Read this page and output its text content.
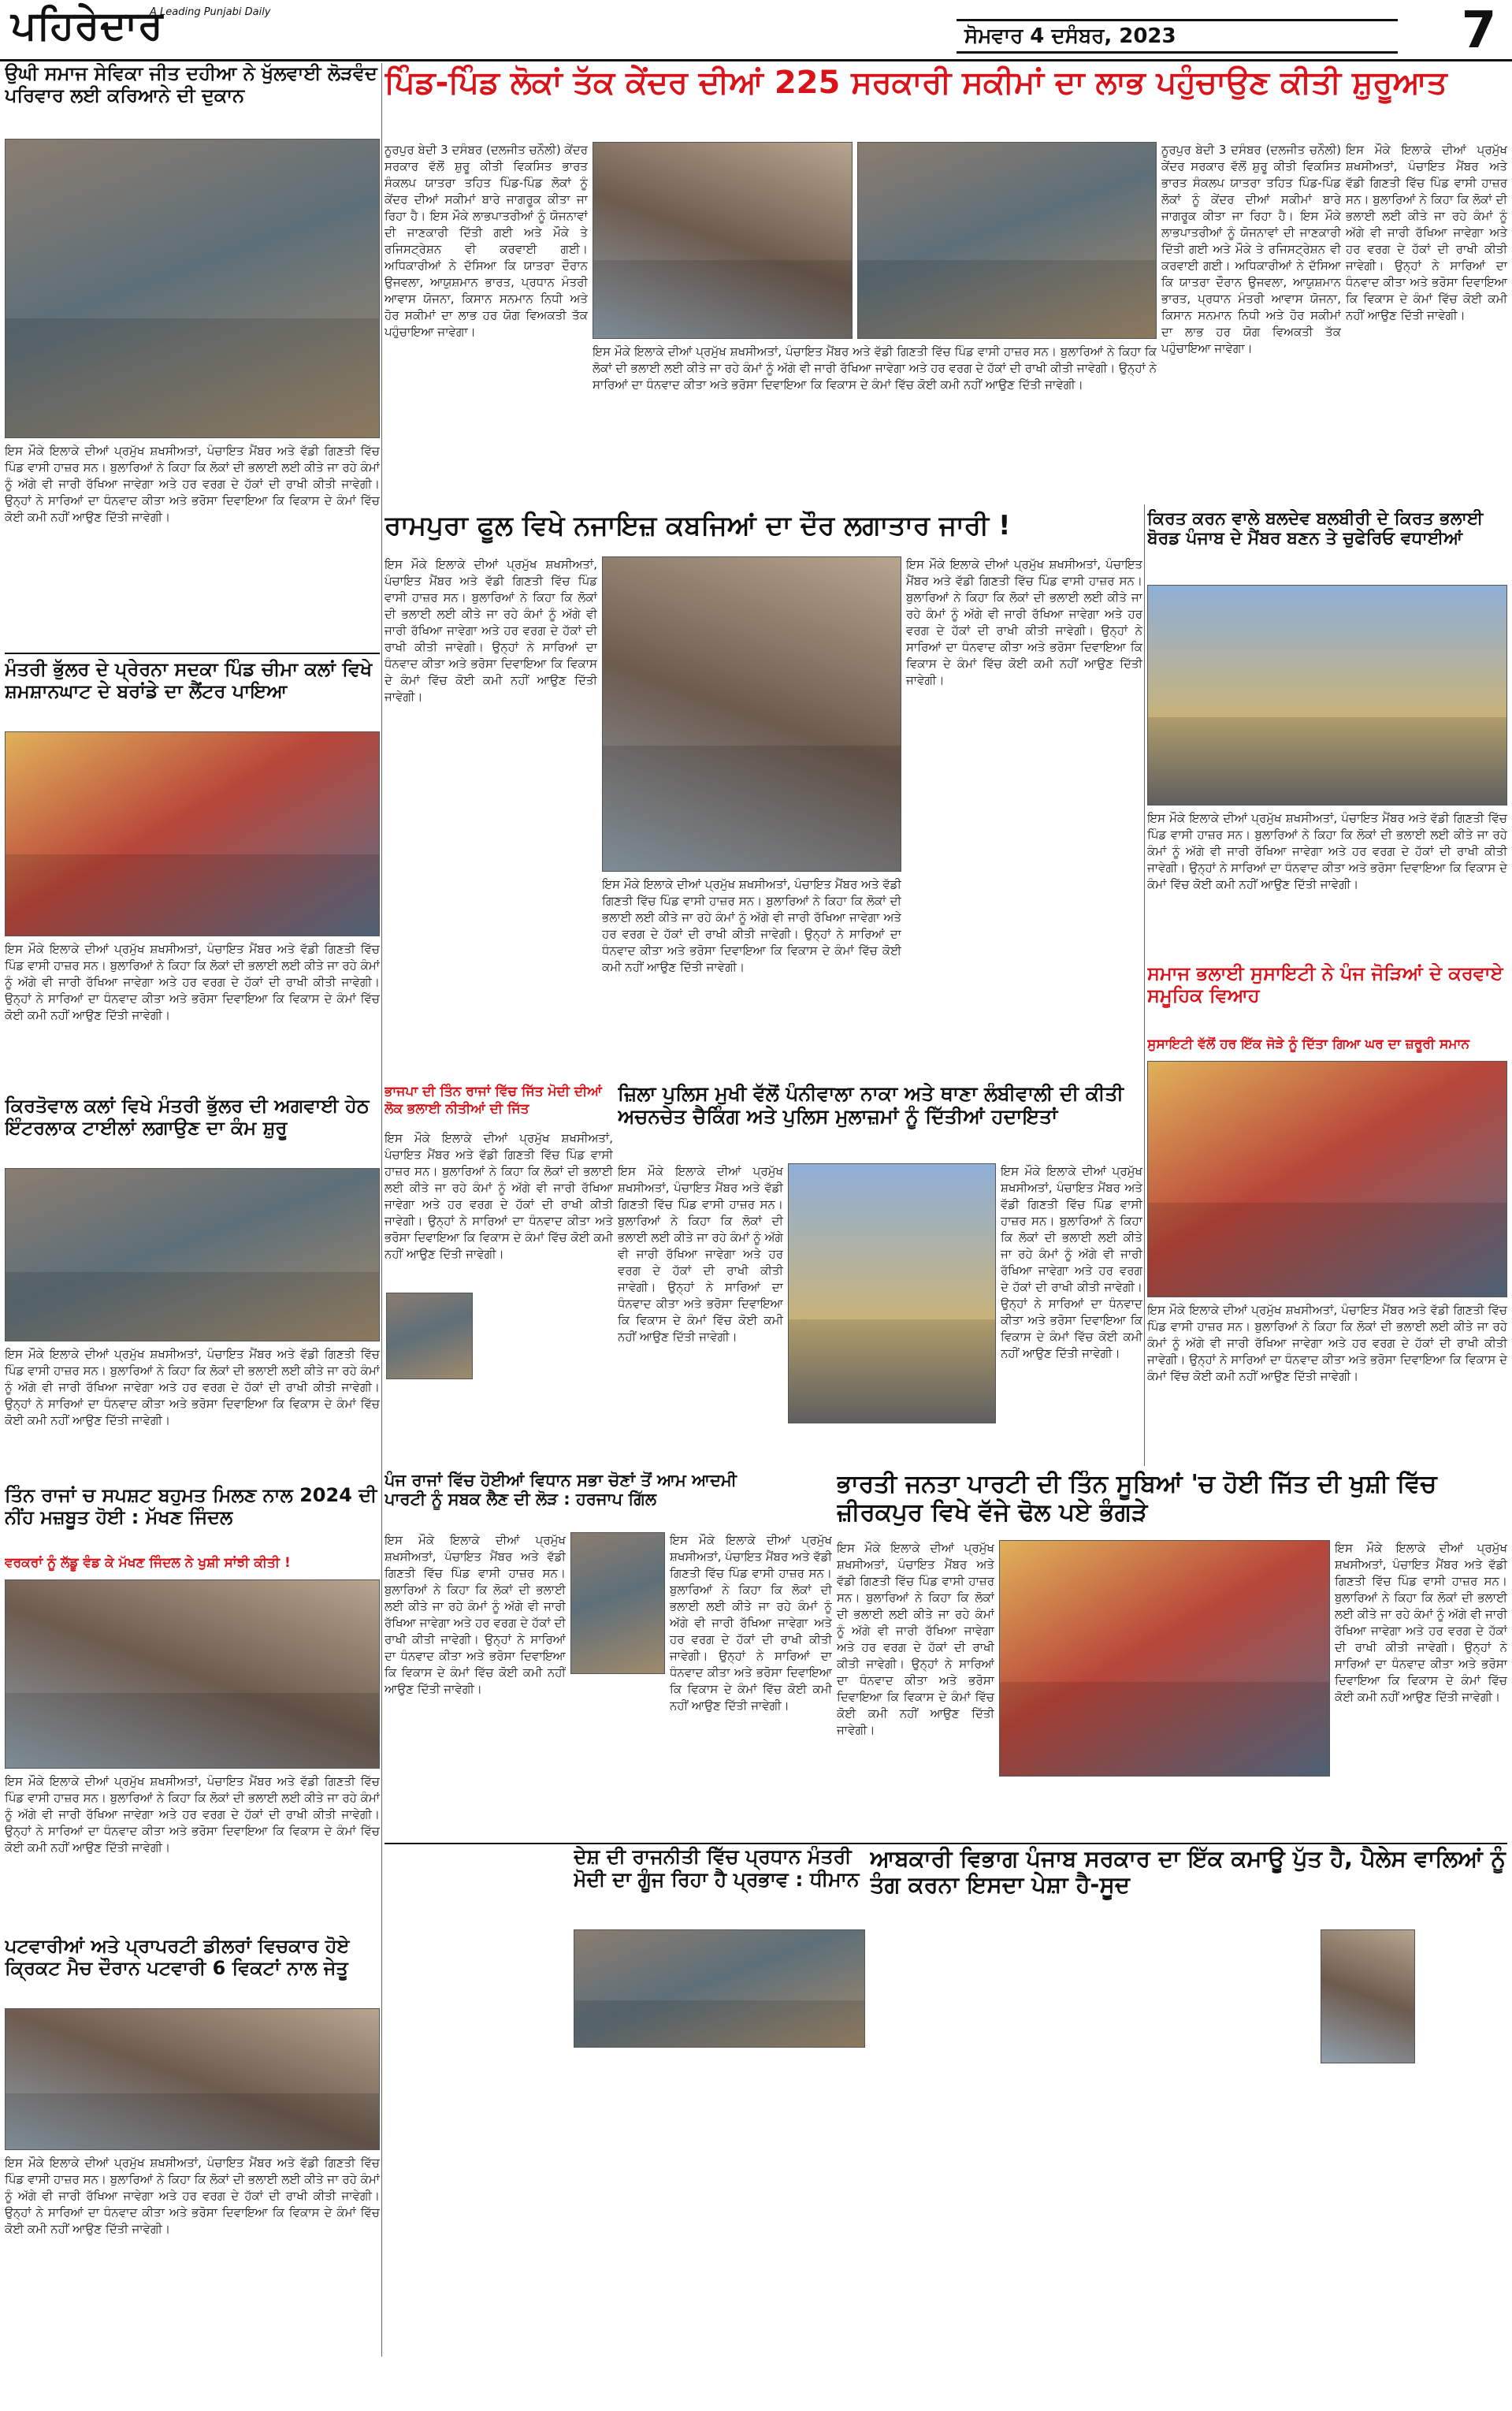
ਪਹਿਰੇਦਾਰ
A Leading Punjabi Daily
ਸੋਮਵਾਰ 4 ਦਸੰਬਰ, 2023	7
ਪਿੰਡ-ਪਿੰਡ ਲੋਕਾਂ ਤੱਕ ਕੇਂਦਰ ਦੀਆਂ 225 ਸਰਕਾਰੀ ਸਕੀਮਾਂ ਦਾ ਲਾਭ ਪਹੁੰਚਾਉਣ ਕੀਤੀ ਸ਼ੁਰੂਆਤ
ਉਘੀ ਸਮਾਜ ਸੇਵਿਕਾ ਜੀਤ ਦਹੀਆ ਨੇ ਖੁੱਲਵਾਈ ਲੋੜਵੰਦ ਪਰਿਵਾਰ ਲਈ ਕਰਿਆਨੇ ਦੀ ਦੁਕਾਨ
ਇਸ ਮੌਕੇ ਇਲਾਕੇ ਦੀਆਂ ਪ੍ਰਮੁੱਖ ਸ਼ਖਸੀਅਤਾਂ, ਪੰਚਾਇਤ ਮੈਂਬਰ ਅਤੇ ਵੱਡੀ ਗਿਣਤੀ ਵਿੱਚ ਪਿੰਡ ਵਾਸੀ ਹਾਜ਼ਰ ਸਨ। ਬੁਲਾਰਿਆਂ ਨੇ ਕਿਹਾ ਕਿ ਲੋਕਾਂ ਦੀ ਭਲਾਈ ਲਈ ਕੀਤੇ ਜਾ ਰਹੇ ਕੰਮਾਂ ਨੂੰ ਅੱਗੇ ਵੀ ਜਾਰੀ ਰੱਖਿਆ ਜਾਵੇਗਾ ਅਤੇ ਹਰ ਵਰਗ ਦੇ ਹੱਕਾਂ ਦੀ ਰਾਖੀ ਕੀਤੀ ਜਾਵੇਗੀ। ਉਨ੍ਹਾਂ ਨੇ ਸਾਰਿਆਂ ਦਾ ਧੰਨਵਾਦ ਕੀਤਾ ਅਤੇ ਭਰੋਸਾ ਦਿਵਾਇਆ ਕਿ ਵਿਕਾਸ ਦੇ ਕੰਮਾਂ ਵਿੱਚ ਕੋਈ ਕਮੀ ਨਹੀਂ ਆਉਣ ਦਿੱਤੀ ਜਾਵੇਗੀ।
ਨੂਰਪੁਰ ਬੇਦੀ 3 ਦਸੰਬਰ (ਦਲਜੀਤ ਚਨੌਲੀ) ਕੇਂਦਰ ਸਰਕਾਰ ਵੱਲੋਂ ਸ਼ੁਰੂ ਕੀਤੀ ਵਿਕਸਿਤ ਭਾਰਤ ਸੰਕਲਪ ਯਾਤਰਾ ਤਹਿਤ ਪਿੰਡ-ਪਿੰਡ ਲੋਕਾਂ ਨੂੰ ਕੇਂਦਰ ਦੀਆਂ ਸਕੀਮਾਂ ਬਾਰੇ ਜਾਗਰੂਕ ਕੀਤਾ ਜਾ ਰਿਹਾ ਹੈ। ਇਸ ਮੌਕੇ ਲਾਭਪਾਤਰੀਆਂ ਨੂੰ ਯੋਜਨਾਵਾਂ ਦੀ ਜਾਣਕਾਰੀ ਦਿੱਤੀ ਗਈ ਅਤੇ ਮੌਕੇ ਤੇ ਰਜਿਸਟ੍ਰੇਸ਼ਨ ਵੀ ਕਰਵਾਈ ਗਈ। ਅਧਿਕਾਰੀਆਂ ਨੇ ਦੱਸਿਆ ਕਿ ਯਾਤਰਾ ਦੌਰਾਨ ਉਜਵਲਾ, ਆਯੁਸ਼ਮਾਨ ਭਾਰਤ, ਪ੍ਰਧਾਨ ਮੰਤਰੀ ਆਵਾਸ ਯੋਜਨਾ, ਕਿਸਾਨ ਸਨਮਾਨ ਨਿਧੀ ਅਤੇ ਹੋਰ ਸਕੀਮਾਂ ਦਾ ਲਾਭ ਹਰ ਯੋਗ ਵਿਅਕਤੀ ਤੱਕ ਪਹੁੰਚਾਇਆ ਜਾਵੇਗਾ।
ਇਸ ਮੌਕੇ ਇਲਾਕੇ ਦੀਆਂ ਪ੍ਰਮੁੱਖ ਸ਼ਖਸੀਅਤਾਂ, ਪੰਚਾਇਤ ਮੈਂਬਰ ਅਤੇ ਵੱਡੀ ਗਿਣਤੀ ਵਿੱਚ ਪਿੰਡ ਵਾਸੀ ਹਾਜ਼ਰ ਸਨ। ਬੁਲਾਰਿਆਂ ਨੇ ਕਿਹਾ ਕਿ ਲੋਕਾਂ ਦੀ ਭਲਾਈ ਲਈ ਕੀਤੇ ਜਾ ਰਹੇ ਕੰਮਾਂ ਨੂੰ ਅੱਗੇ ਵੀ ਜਾਰੀ ਰੱਖਿਆ ਜਾਵੇਗਾ ਅਤੇ ਹਰ ਵਰਗ ਦੇ ਹੱਕਾਂ ਦੀ ਰਾਖੀ ਕੀਤੀ ਜਾਵੇਗੀ। ਉਨ੍ਹਾਂ ਨੇ ਸਾਰਿਆਂ ਦਾ ਧੰਨਵਾਦ ਕੀਤਾ ਅਤੇ ਭਰੋਸਾ ਦਿਵਾਇਆ ਕਿ ਵਿਕਾਸ ਦੇ ਕੰਮਾਂ ਵਿੱਚ ਕੋਈ ਕਮੀ ਨਹੀਂ ਆਉਣ ਦਿੱਤੀ ਜਾਵੇਗੀ।
ਨੂਰਪੁਰ ਬੇਦੀ 3 ਦਸੰਬਰ (ਦਲਜੀਤ ਚਨੌਲੀ) ਕੇਂਦਰ ਸਰਕਾਰ ਵੱਲੋਂ ਸ਼ੁਰੂ ਕੀਤੀ ਵਿਕਸਿਤ ਭਾਰਤ ਸੰਕਲਪ ਯਾਤਰਾ ਤਹਿਤ ਪਿੰਡ-ਪਿੰਡ ਲੋਕਾਂ ਨੂੰ ਕੇਂਦਰ ਦੀਆਂ ਸਕੀਮਾਂ ਬਾਰੇ ਜਾਗਰੂਕ ਕੀਤਾ ਜਾ ਰਿਹਾ ਹੈ। ਇਸ ਮੌਕੇ ਲਾਭਪਾਤਰੀਆਂ ਨੂੰ ਯੋਜਨਾਵਾਂ ਦੀ ਜਾਣਕਾਰੀ ਦਿੱਤੀ ਗਈ ਅਤੇ ਮੌਕੇ ਤੇ ਰਜਿਸਟ੍ਰੇਸ਼ਨ ਵੀ ਕਰਵਾਈ ਗਈ। ਅਧਿਕਾਰੀਆਂ ਨੇ ਦੱਸਿਆ ਕਿ ਯਾਤਰਾ ਦੌਰਾਨ ਉਜਵਲਾ, ਆਯੁਸ਼ਮਾਨ ਭਾਰਤ, ਪ੍ਰਧਾਨ ਮੰਤਰੀ ਆਵਾਸ ਯੋਜਨਾ, ਕਿਸਾਨ ਸਨਮਾਨ ਨਿਧੀ ਅਤੇ ਹੋਰ ਸਕੀਮਾਂ ਦਾ ਲਾਭ ਹਰ ਯੋਗ ਵਿਅਕਤੀ ਤੱਕ ਪਹੁੰਚਾਇਆ ਜਾਵੇਗਾ।
ਇਸ ਮੌਕੇ ਇਲਾਕੇ ਦੀਆਂ ਪ੍ਰਮੁੱਖ ਸ਼ਖਸੀਅਤਾਂ, ਪੰਚਾਇਤ ਮੈਂਬਰ ਅਤੇ ਵੱਡੀ ਗਿਣਤੀ ਵਿੱਚ ਪਿੰਡ ਵਾਸੀ ਹਾਜ਼ਰ ਸਨ। ਬੁਲਾਰਿਆਂ ਨੇ ਕਿਹਾ ਕਿ ਲੋਕਾਂ ਦੀ ਭਲਾਈ ਲਈ ਕੀਤੇ ਜਾ ਰਹੇ ਕੰਮਾਂ ਨੂੰ ਅੱਗੇ ਵੀ ਜਾਰੀ ਰੱਖਿਆ ਜਾਵੇਗਾ ਅਤੇ ਹਰ ਵਰਗ ਦੇ ਹੱਕਾਂ ਦੀ ਰਾਖੀ ਕੀਤੀ ਜਾਵੇਗੀ। ਉਨ੍ਹਾਂ ਨੇ ਸਾਰਿਆਂ ਦਾ ਧੰਨਵਾਦ ਕੀਤਾ ਅਤੇ ਭਰੋਸਾ ਦਿਵਾਇਆ ਕਿ ਵਿਕਾਸ ਦੇ ਕੰਮਾਂ ਵਿੱਚ ਕੋਈ ਕਮੀ ਨਹੀਂ ਆਉਣ ਦਿੱਤੀ ਜਾਵੇਗੀ।
ਮੰਤਰੀ ਭੁੱਲਰ ਦੇ ਪ੍ਰੇਰਨਾ ਸਦਕਾ ਪਿੰਡ ਚੀਮਾ ਕਲਾਂ ਵਿਖੇ ਸ਼ਮਸ਼ਾਨਘਾਟ ਦੇ ਬਰਾਂਡੇ ਦਾ ਲੈਂਟਰ ਪਾਇਆ
ਇਸ ਮੌਕੇ ਇਲਾਕੇ ਦੀਆਂ ਪ੍ਰਮੁੱਖ ਸ਼ਖਸੀਅਤਾਂ, ਪੰਚਾਇਤ ਮੈਂਬਰ ਅਤੇ ਵੱਡੀ ਗਿਣਤੀ ਵਿੱਚ ਪਿੰਡ ਵਾਸੀ ਹਾਜ਼ਰ ਸਨ। ਬੁਲਾਰਿਆਂ ਨੇ ਕਿਹਾ ਕਿ ਲੋਕਾਂ ਦੀ ਭਲਾਈ ਲਈ ਕੀਤੇ ਜਾ ਰਹੇ ਕੰਮਾਂ ਨੂੰ ਅੱਗੇ ਵੀ ਜਾਰੀ ਰੱਖਿਆ ਜਾਵੇਗਾ ਅਤੇ ਹਰ ਵਰਗ ਦੇ ਹੱਕਾਂ ਦੀ ਰਾਖੀ ਕੀਤੀ ਜਾਵੇਗੀ। ਉਨ੍ਹਾਂ ਨੇ ਸਾਰਿਆਂ ਦਾ ਧੰਨਵਾਦ ਕੀਤਾ ਅਤੇ ਭਰੋਸਾ ਦਿਵਾਇਆ ਕਿ ਵਿਕਾਸ ਦੇ ਕੰਮਾਂ ਵਿੱਚ ਕੋਈ ਕਮੀ ਨਹੀਂ ਆਉਣ ਦਿੱਤੀ ਜਾਵੇਗੀ।
ਰਾਮਪੁਰਾ ਫੂਲ ਵਿਖੇ ਨਜਾਇਜ਼ ਕਬਜਿਆਂ ਦਾ ਦੌਰ ਲਗਾਤਾਰ ਜਾਰੀ !
ਇਸ ਮੌਕੇ ਇਲਾਕੇ ਦੀਆਂ ਪ੍ਰਮੁੱਖ ਸ਼ਖਸੀਅਤਾਂ, ਪੰਚਾਇਤ ਮੈਂਬਰ ਅਤੇ ਵੱਡੀ ਗਿਣਤੀ ਵਿੱਚ ਪਿੰਡ ਵਾਸੀ ਹਾਜ਼ਰ ਸਨ। ਬੁਲਾਰਿਆਂ ਨੇ ਕਿਹਾ ਕਿ ਲੋਕਾਂ ਦੀ ਭਲਾਈ ਲਈ ਕੀਤੇ ਜਾ ਰਹੇ ਕੰਮਾਂ ਨੂੰ ਅੱਗੇ ਵੀ ਜਾਰੀ ਰੱਖਿਆ ਜਾਵੇਗਾ ਅਤੇ ਹਰ ਵਰਗ ਦੇ ਹੱਕਾਂ ਦੀ ਰਾਖੀ ਕੀਤੀ ਜਾਵੇਗੀ। ਉਨ੍ਹਾਂ ਨੇ ਸਾਰਿਆਂ ਦਾ ਧੰਨਵਾਦ ਕੀਤਾ ਅਤੇ ਭਰੋਸਾ ਦਿਵਾਇਆ ਕਿ ਵਿਕਾਸ ਦੇ ਕੰਮਾਂ ਵਿੱਚ ਕੋਈ ਕਮੀ ਨਹੀਂ ਆਉਣ ਦਿੱਤੀ ਜਾਵੇਗੀ।
ਇਸ ਮੌਕੇ ਇਲਾਕੇ ਦੀਆਂ ਪ੍ਰਮੁੱਖ ਸ਼ਖਸੀਅਤਾਂ, ਪੰਚਾਇਤ ਮੈਂਬਰ ਅਤੇ ਵੱਡੀ ਗਿਣਤੀ ਵਿੱਚ ਪਿੰਡ ਵਾਸੀ ਹਾਜ਼ਰ ਸਨ। ਬੁਲਾਰਿਆਂ ਨੇ ਕਿਹਾ ਕਿ ਲੋਕਾਂ ਦੀ ਭਲਾਈ ਲਈ ਕੀਤੇ ਜਾ ਰਹੇ ਕੰਮਾਂ ਨੂੰ ਅੱਗੇ ਵੀ ਜਾਰੀ ਰੱਖਿਆ ਜਾਵੇਗਾ ਅਤੇ ਹਰ ਵਰਗ ਦੇ ਹੱਕਾਂ ਦੀ ਰਾਖੀ ਕੀਤੀ ਜਾਵੇਗੀ। ਉਨ੍ਹਾਂ ਨੇ ਸਾਰਿਆਂ ਦਾ ਧੰਨਵਾਦ ਕੀਤਾ ਅਤੇ ਭਰੋਸਾ ਦਿਵਾਇਆ ਕਿ ਵਿਕਾਸ ਦੇ ਕੰਮਾਂ ਵਿੱਚ ਕੋਈ ਕਮੀ ਨਹੀਂ ਆਉਣ ਦਿੱਤੀ ਜਾਵੇਗੀ।
ਇਸ ਮੌਕੇ ਇਲਾਕੇ ਦੀਆਂ ਪ੍ਰਮੁੱਖ ਸ਼ਖਸੀਅਤਾਂ, ਪੰਚਾਇਤ ਮੈਂਬਰ ਅਤੇ ਵੱਡੀ ਗਿਣਤੀ ਵਿੱਚ ਪਿੰਡ ਵਾਸੀ ਹਾਜ਼ਰ ਸਨ। ਬੁਲਾਰਿਆਂ ਨੇ ਕਿਹਾ ਕਿ ਲੋਕਾਂ ਦੀ ਭਲਾਈ ਲਈ ਕੀਤੇ ਜਾ ਰਹੇ ਕੰਮਾਂ ਨੂੰ ਅੱਗੇ ਵੀ ਜਾਰੀ ਰੱਖਿਆ ਜਾਵੇਗਾ ਅਤੇ ਹਰ ਵਰਗ ਦੇ ਹੱਕਾਂ ਦੀ ਰਾਖੀ ਕੀਤੀ ਜਾਵੇਗੀ। ਉਨ੍ਹਾਂ ਨੇ ਸਾਰਿਆਂ ਦਾ ਧੰਨਵਾਦ ਕੀਤਾ ਅਤੇ ਭਰੋਸਾ ਦਿਵਾਇਆ ਕਿ ਵਿਕਾਸ ਦੇ ਕੰਮਾਂ ਵਿੱਚ ਕੋਈ ਕਮੀ ਨਹੀਂ ਆਉਣ ਦਿੱਤੀ ਜਾਵੇਗੀ।
ਕਿਰਤ ਕਰਨ ਵਾਲੇ ਬਲਦੇਵ ਬਲਬੀਰੀ ਦੇ ਕਿਰਤ ਭਲਾਈ ਬੋਰਡ ਪੰਜਾਬ ਦੇ ਮੈਂਬਰ ਬਣਨ ਤੇ ਚੁਫੇਰਿਓ ਵਧਾਈਆਂ
ਇਸ ਮੌਕੇ ਇਲਾਕੇ ਦੀਆਂ ਪ੍ਰਮੁੱਖ ਸ਼ਖਸੀਅਤਾਂ, ਪੰਚਾਇਤ ਮੈਂਬਰ ਅਤੇ ਵੱਡੀ ਗਿਣਤੀ ਵਿੱਚ ਪਿੰਡ ਵਾਸੀ ਹਾਜ਼ਰ ਸਨ। ਬੁਲਾਰਿਆਂ ਨੇ ਕਿਹਾ ਕਿ ਲੋਕਾਂ ਦੀ ਭਲਾਈ ਲਈ ਕੀਤੇ ਜਾ ਰਹੇ ਕੰਮਾਂ ਨੂੰ ਅੱਗੇ ਵੀ ਜਾਰੀ ਰੱਖਿਆ ਜਾਵੇਗਾ ਅਤੇ ਹਰ ਵਰਗ ਦੇ ਹੱਕਾਂ ਦੀ ਰਾਖੀ ਕੀਤੀ ਜਾਵੇਗੀ। ਉਨ੍ਹਾਂ ਨੇ ਸਾਰਿਆਂ ਦਾ ਧੰਨਵਾਦ ਕੀਤਾ ਅਤੇ ਭਰੋਸਾ ਦਿਵਾਇਆ ਕਿ ਵਿਕਾਸ ਦੇ ਕੰਮਾਂ ਵਿੱਚ ਕੋਈ ਕਮੀ ਨਹੀਂ ਆਉਣ ਦਿੱਤੀ ਜਾਵੇਗੀ।
ਸਮਾਜ ਭਲਾਈ ਸੁਸਾਇਟੀ ਨੇ ਪੰਜ ਜੋੜਿਆਂ ਦੇ ਕਰਵਾਏ ਸਮੂਹਿਕ ਵਿਆਹ
ਸੁਸਾਇਟੀ ਵੱਲੋਂ ਹਰ ਇੱਕ ਜੋੜੇ ਨੂੰ ਦਿੱਤਾ ਗਿਆ ਘਰ ਦਾ ਜ਼ਰੂਰੀ ਸਮਾਨ
ਇਸ ਮੌਕੇ ਇਲਾਕੇ ਦੀਆਂ ਪ੍ਰਮੁੱਖ ਸ਼ਖਸੀਅਤਾਂ, ਪੰਚਾਇਤ ਮੈਂਬਰ ਅਤੇ ਵੱਡੀ ਗਿਣਤੀ ਵਿੱਚ ਪਿੰਡ ਵਾਸੀ ਹਾਜ਼ਰ ਸਨ। ਬੁਲਾਰਿਆਂ ਨੇ ਕਿਹਾ ਕਿ ਲੋਕਾਂ ਦੀ ਭਲਾਈ ਲਈ ਕੀਤੇ ਜਾ ਰਹੇ ਕੰਮਾਂ ਨੂੰ ਅੱਗੇ ਵੀ ਜਾਰੀ ਰੱਖਿਆ ਜਾਵੇਗਾ ਅਤੇ ਹਰ ਵਰਗ ਦੇ ਹੱਕਾਂ ਦੀ ਰਾਖੀ ਕੀਤੀ ਜਾਵੇਗੀ। ਉਨ੍ਹਾਂ ਨੇ ਸਾਰਿਆਂ ਦਾ ਧੰਨਵਾਦ ਕੀਤਾ ਅਤੇ ਭਰੋਸਾ ਦਿਵਾਇਆ ਕਿ ਵਿਕਾਸ ਦੇ ਕੰਮਾਂ ਵਿੱਚ ਕੋਈ ਕਮੀ ਨਹੀਂ ਆਉਣ ਦਿੱਤੀ ਜਾਵੇਗੀ।
ਕਿਰਤੋਵਾਲ ਕਲਾਂ ਵਿਖੇ ਮੰਤਰੀ ਭੁੱਲਰ ਦੀ ਅਗਵਾਈ ਹੇਠ ਇੰਟਰਲਾਕ ਟਾਈਲਾਂ ਲਗਾਉਣ ਦਾ ਕੰਮ ਸ਼ੁਰੂ
ਇਸ ਮੌਕੇ ਇਲਾਕੇ ਦੀਆਂ ਪ੍ਰਮੁੱਖ ਸ਼ਖਸੀਅਤਾਂ, ਪੰਚਾਇਤ ਮੈਂਬਰ ਅਤੇ ਵੱਡੀ ਗਿਣਤੀ ਵਿੱਚ ਪਿੰਡ ਵਾਸੀ ਹਾਜ਼ਰ ਸਨ। ਬੁਲਾਰਿਆਂ ਨੇ ਕਿਹਾ ਕਿ ਲੋਕਾਂ ਦੀ ਭਲਾਈ ਲਈ ਕੀਤੇ ਜਾ ਰਹੇ ਕੰਮਾਂ ਨੂੰ ਅੱਗੇ ਵੀ ਜਾਰੀ ਰੱਖਿਆ ਜਾਵੇਗਾ ਅਤੇ ਹਰ ਵਰਗ ਦੇ ਹੱਕਾਂ ਦੀ ਰਾਖੀ ਕੀਤੀ ਜਾਵੇਗੀ। ਉਨ੍ਹਾਂ ਨੇ ਸਾਰਿਆਂ ਦਾ ਧੰਨਵਾਦ ਕੀਤਾ ਅਤੇ ਭਰੋਸਾ ਦਿਵਾਇਆ ਕਿ ਵਿਕਾਸ ਦੇ ਕੰਮਾਂ ਵਿੱਚ ਕੋਈ ਕਮੀ ਨਹੀਂ ਆਉਣ ਦਿੱਤੀ ਜਾਵੇਗੀ।
ਤਿੰਨ ਰਾਜਾਂ ਚ ਸਪਸ਼ਟ ਬਹੁਮਤ ਮਿਲਣ ਨਾਲ 2024 ਦੀ ਨੀਂਹ ਮਜ਼ਬੂਤ ਹੋਈ : ਮੱਖਣ ਜਿੰਦਲ
ਵਰਕਰਾਂ ਨੂੰ ਲੱਡੂ ਵੰਡ ਕੇ ਮੱਖਣ ਜਿੰਦਲ ਨੇ ਖੁਸ਼ੀ ਸਾਂਝੀ ਕੀਤੀ !
ਇਸ ਮੌਕੇ ਇਲਾਕੇ ਦੀਆਂ ਪ੍ਰਮੁੱਖ ਸ਼ਖਸੀਅਤਾਂ, ਪੰਚਾਇਤ ਮੈਂਬਰ ਅਤੇ ਵੱਡੀ ਗਿਣਤੀ ਵਿੱਚ ਪਿੰਡ ਵਾਸੀ ਹਾਜ਼ਰ ਸਨ। ਬੁਲਾਰਿਆਂ ਨੇ ਕਿਹਾ ਕਿ ਲੋਕਾਂ ਦੀ ਭਲਾਈ ਲਈ ਕੀਤੇ ਜਾ ਰਹੇ ਕੰਮਾਂ ਨੂੰ ਅੱਗੇ ਵੀ ਜਾਰੀ ਰੱਖਿਆ ਜਾਵੇਗਾ ਅਤੇ ਹਰ ਵਰਗ ਦੇ ਹੱਕਾਂ ਦੀ ਰਾਖੀ ਕੀਤੀ ਜਾਵੇਗੀ। ਉਨ੍ਹਾਂ ਨੇ ਸਾਰਿਆਂ ਦਾ ਧੰਨਵਾਦ ਕੀਤਾ ਅਤੇ ਭਰੋਸਾ ਦਿਵਾਇਆ ਕਿ ਵਿਕਾਸ ਦੇ ਕੰਮਾਂ ਵਿੱਚ ਕੋਈ ਕਮੀ ਨਹੀਂ ਆਉਣ ਦਿੱਤੀ ਜਾਵੇਗੀ।
ਭਾਜਪਾ ਦੀ ਤਿੰਨ ਰਾਜਾਂ ਵਿੱਚ ਜਿੱਤ ਮੋਦੀ ਦੀਆਂ ਲੋਕ ਭਲਾਈ ਨੀਤੀਆਂ ਦੀ ਜਿੱਤ
ਇਸ ਮੌਕੇ ਇਲਾਕੇ ਦੀਆਂ ਪ੍ਰਮੁੱਖ ਸ਼ਖਸੀਅਤਾਂ, ਪੰਚਾਇਤ ਮੈਂਬਰ ਅਤੇ ਵੱਡੀ ਗਿਣਤੀ ਵਿੱਚ ਪਿੰਡ ਵਾਸੀ ਹਾਜ਼ਰ ਸਨ। ਬੁਲਾਰਿਆਂ ਨੇ ਕਿਹਾ ਕਿ ਲੋਕਾਂ ਦੀ ਭਲਾਈ ਲਈ ਕੀਤੇ ਜਾ ਰਹੇ ਕੰਮਾਂ ਨੂੰ ਅੱਗੇ ਵੀ ਜਾਰੀ ਰੱਖਿਆ ਜਾਵੇਗਾ ਅਤੇ ਹਰ ਵਰਗ ਦੇ ਹੱਕਾਂ ਦੀ ਰਾਖੀ ਕੀਤੀ ਜਾਵੇਗੀ। ਉਨ੍ਹਾਂ ਨੇ ਸਾਰਿਆਂ ਦਾ ਧੰਨਵਾਦ ਕੀਤਾ ਅਤੇ ਭਰੋਸਾ ਦਿਵਾਇਆ ਕਿ ਵਿਕਾਸ ਦੇ ਕੰਮਾਂ ਵਿੱਚ ਕੋਈ ਕਮੀ ਨਹੀਂ ਆਉਣ ਦਿੱਤੀ ਜਾਵੇਗੀ।
ਜ਼ਿਲਾ ਪੁਲਿਸ ਮੁਖੀ ਵੱਲੋਂ ਪੰਨੀਵਾਲਾ ਨਾਕਾ ਅਤੇ ਥਾਣਾ ਲੰਬੀਵਾਲੀ ਦੀ ਕੀਤੀ ਅਚਨਚੇਤ ਚੈਕਿੰਗ ਅਤੇ ਪੁਲਿਸ ਮੁਲਾਜ਼ਮਾਂ ਨੂੰ ਦਿੱਤੀਆਂ ਹਦਾਇਤਾਂ
ਇਸ ਮੌਕੇ ਇਲਾਕੇ ਦੀਆਂ ਪ੍ਰਮੁੱਖ ਸ਼ਖਸੀਅਤਾਂ, ਪੰਚਾਇਤ ਮੈਂਬਰ ਅਤੇ ਵੱਡੀ ਗਿਣਤੀ ਵਿੱਚ ਪਿੰਡ ਵਾਸੀ ਹਾਜ਼ਰ ਸਨ। ਬੁਲਾਰਿਆਂ ਨੇ ਕਿਹਾ ਕਿ ਲੋਕਾਂ ਦੀ ਭਲਾਈ ਲਈ ਕੀਤੇ ਜਾ ਰਹੇ ਕੰਮਾਂ ਨੂੰ ਅੱਗੇ ਵੀ ਜਾਰੀ ਰੱਖਿਆ ਜਾਵੇਗਾ ਅਤੇ ਹਰ ਵਰਗ ਦੇ ਹੱਕਾਂ ਦੀ ਰਾਖੀ ਕੀਤੀ ਜਾਵੇਗੀ। ਉਨ੍ਹਾਂ ਨੇ ਸਾਰਿਆਂ ਦਾ ਧੰਨਵਾਦ ਕੀਤਾ ਅਤੇ ਭਰੋਸਾ ਦਿਵਾਇਆ ਕਿ ਵਿਕਾਸ ਦੇ ਕੰਮਾਂ ਵਿੱਚ ਕੋਈ ਕਮੀ ਨਹੀਂ ਆਉਣ ਦਿੱਤੀ ਜਾਵੇਗੀ।
ਇਸ ਮੌਕੇ ਇਲਾਕੇ ਦੀਆਂ ਪ੍ਰਮੁੱਖ ਸ਼ਖਸੀਅਤਾਂ, ਪੰਚਾਇਤ ਮੈਂਬਰ ਅਤੇ ਵੱਡੀ ਗਿਣਤੀ ਵਿੱਚ ਪਿੰਡ ਵਾਸੀ ਹਾਜ਼ਰ ਸਨ। ਬੁਲਾਰਿਆਂ ਨੇ ਕਿਹਾ ਕਿ ਲੋਕਾਂ ਦੀ ਭਲਾਈ ਲਈ ਕੀਤੇ ਜਾ ਰਹੇ ਕੰਮਾਂ ਨੂੰ ਅੱਗੇ ਵੀ ਜਾਰੀ ਰੱਖਿਆ ਜਾਵੇਗਾ ਅਤੇ ਹਰ ਵਰਗ ਦੇ ਹੱਕਾਂ ਦੀ ਰਾਖੀ ਕੀਤੀ ਜਾਵੇਗੀ। ਉਨ੍ਹਾਂ ਨੇ ਸਾਰਿਆਂ ਦਾ ਧੰਨਵਾਦ ਕੀਤਾ ਅਤੇ ਭਰੋਸਾ ਦਿਵਾਇਆ ਕਿ ਵਿਕਾਸ ਦੇ ਕੰਮਾਂ ਵਿੱਚ ਕੋਈ ਕਮੀ ਨਹੀਂ ਆਉਣ ਦਿੱਤੀ ਜਾਵੇਗੀ।
ਪੰਜ ਰਾਜਾਂ ਵਿੱਚ ਹੋਈਆਂ ਵਿਧਾਨ ਸਭਾ ਚੋਣਾਂ ਤੋਂ ਆਮ ਆਦਮੀ ਪਾਰਟੀ ਨੂੰ ਸਬਕ ਲੈਣ ਦੀ ਲੋੜ : ਹਰਜਾਪ ਗਿੱਲ
ਇਸ ਮੌਕੇ ਇਲਾਕੇ ਦੀਆਂ ਪ੍ਰਮੁੱਖ ਸ਼ਖਸੀਅਤਾਂ, ਪੰਚਾਇਤ ਮੈਂਬਰ ਅਤੇ ਵੱਡੀ ਗਿਣਤੀ ਵਿੱਚ ਪਿੰਡ ਵਾਸੀ ਹਾਜ਼ਰ ਸਨ। ਬੁਲਾਰਿਆਂ ਨੇ ਕਿਹਾ ਕਿ ਲੋਕਾਂ ਦੀ ਭਲਾਈ ਲਈ ਕੀਤੇ ਜਾ ਰਹੇ ਕੰਮਾਂ ਨੂੰ ਅੱਗੇ ਵੀ ਜਾਰੀ ਰੱਖਿਆ ਜਾਵੇਗਾ ਅਤੇ ਹਰ ਵਰਗ ਦੇ ਹੱਕਾਂ ਦੀ ਰਾਖੀ ਕੀਤੀ ਜਾਵੇਗੀ। ਉਨ੍ਹਾਂ ਨੇ ਸਾਰਿਆਂ ਦਾ ਧੰਨਵਾਦ ਕੀਤਾ ਅਤੇ ਭਰੋਸਾ ਦਿਵਾਇਆ ਕਿ ਵਿਕਾਸ ਦੇ ਕੰਮਾਂ ਵਿੱਚ ਕੋਈ ਕਮੀ ਨਹੀਂ ਆਉਣ ਦਿੱਤੀ ਜਾਵੇਗੀ।
ਇਸ ਮੌਕੇ ਇਲਾਕੇ ਦੀਆਂ ਪ੍ਰਮੁੱਖ ਸ਼ਖਸੀਅਤਾਂ, ਪੰਚਾਇਤ ਮੈਂਬਰ ਅਤੇ ਵੱਡੀ ਗਿਣਤੀ ਵਿੱਚ ਪਿੰਡ ਵਾਸੀ ਹਾਜ਼ਰ ਸਨ। ਬੁਲਾਰਿਆਂ ਨੇ ਕਿਹਾ ਕਿ ਲੋਕਾਂ ਦੀ ਭਲਾਈ ਲਈ ਕੀਤੇ ਜਾ ਰਹੇ ਕੰਮਾਂ ਨੂੰ ਅੱਗੇ ਵੀ ਜਾਰੀ ਰੱਖਿਆ ਜਾਵੇਗਾ ਅਤੇ ਹਰ ਵਰਗ ਦੇ ਹੱਕਾਂ ਦੀ ਰਾਖੀ ਕੀਤੀ ਜਾਵੇਗੀ। ਉਨ੍ਹਾਂ ਨੇ ਸਾਰਿਆਂ ਦਾ ਧੰਨਵਾਦ ਕੀਤਾ ਅਤੇ ਭਰੋਸਾ ਦਿਵਾਇਆ ਕਿ ਵਿਕਾਸ ਦੇ ਕੰਮਾਂ ਵਿੱਚ ਕੋਈ ਕਮੀ ਨਹੀਂ ਆਉਣ ਦਿੱਤੀ ਜਾਵੇਗੀ।
ਭਾਰਤੀ ਜਨਤਾ ਪਾਰਟੀ ਦੀ ਤਿੰਨ ਸੂਬਿਆਂ 'ਚ ਹੋਈ ਜਿੱਤ ਦੀ ਖੁਸ਼ੀ ਵਿੱਚ ਜ਼ੀਰਕਪੁਰ ਵਿਖੇ ਵੱਜੇ ਢੋਲ ਪਏ ਭੰਗੜੇ
ਇਸ ਮੌਕੇ ਇਲਾਕੇ ਦੀਆਂ ਪ੍ਰਮੁੱਖ ਸ਼ਖਸੀਅਤਾਂ, ਪੰਚਾਇਤ ਮੈਂਬਰ ਅਤੇ ਵੱਡੀ ਗਿਣਤੀ ਵਿੱਚ ਪਿੰਡ ਵਾਸੀ ਹਾਜ਼ਰ ਸਨ। ਬੁਲਾਰਿਆਂ ਨੇ ਕਿਹਾ ਕਿ ਲੋਕਾਂ ਦੀ ਭਲਾਈ ਲਈ ਕੀਤੇ ਜਾ ਰਹੇ ਕੰਮਾਂ ਨੂੰ ਅੱਗੇ ਵੀ ਜਾਰੀ ਰੱਖਿਆ ਜਾਵੇਗਾ ਅਤੇ ਹਰ ਵਰਗ ਦੇ ਹੱਕਾਂ ਦੀ ਰਾਖੀ ਕੀਤੀ ਜਾਵੇਗੀ। ਉਨ੍ਹਾਂ ਨੇ ਸਾਰਿਆਂ ਦਾ ਧੰਨਵਾਦ ਕੀਤਾ ਅਤੇ ਭਰੋਸਾ ਦਿਵਾਇਆ ਕਿ ਵਿਕਾਸ ਦੇ ਕੰਮਾਂ ਵਿੱਚ ਕੋਈ ਕਮੀ ਨਹੀਂ ਆਉਣ ਦਿੱਤੀ ਜਾਵੇਗੀ।
ਇਸ ਮੌਕੇ ਇਲਾਕੇ ਦੀਆਂ ਪ੍ਰਮੁੱਖ ਸ਼ਖਸੀਅਤਾਂ, ਪੰਚਾਇਤ ਮੈਂਬਰ ਅਤੇ ਵੱਡੀ ਗਿਣਤੀ ਵਿੱਚ ਪਿੰਡ ਵਾਸੀ ਹਾਜ਼ਰ ਸਨ। ਬੁਲਾਰਿਆਂ ਨੇ ਕਿਹਾ ਕਿ ਲੋਕਾਂ ਦੀ ਭਲਾਈ ਲਈ ਕੀਤੇ ਜਾ ਰਹੇ ਕੰਮਾਂ ਨੂੰ ਅੱਗੇ ਵੀ ਜਾਰੀ ਰੱਖਿਆ ਜਾਵੇਗਾ ਅਤੇ ਹਰ ਵਰਗ ਦੇ ਹੱਕਾਂ ਦੀ ਰਾਖੀ ਕੀਤੀ ਜਾਵੇਗੀ। ਉਨ੍ਹਾਂ ਨੇ ਸਾਰਿਆਂ ਦਾ ਧੰਨਵਾਦ ਕੀਤਾ ਅਤੇ ਭਰੋਸਾ ਦਿਵਾਇਆ ਕਿ ਵਿਕਾਸ ਦੇ ਕੰਮਾਂ ਵਿੱਚ ਕੋਈ ਕਮੀ ਨਹੀਂ ਆਉਣ ਦਿੱਤੀ ਜਾਵੇਗੀ।
ਪਟਵਾਰੀਆਂ ਅਤੇ ਪ੍ਰਾਪਰਟੀ ਡੀਲਰਾਂ ਵਿਚਕਾਰ ਹੋਏ ਕ੍ਰਿਕਟ ਮੈਚ ਦੌਰਾਨ ਪਟਵਾਰੀ 6 ਵਿਕਟਾਂ ਨਾਲ ਜੇਤੂ
ਇਸ ਮੌਕੇ ਇਲਾਕੇ ਦੀਆਂ ਪ੍ਰਮੁੱਖ ਸ਼ਖਸੀਅਤਾਂ, ਪੰਚਾਇਤ ਮੈਂਬਰ ਅਤੇ ਵੱਡੀ ਗਿਣਤੀ ਵਿੱਚ ਪਿੰਡ ਵਾਸੀ ਹਾਜ਼ਰ ਸਨ। ਬੁਲਾਰਿਆਂ ਨੇ ਕਿਹਾ ਕਿ ਲੋਕਾਂ ਦੀ ਭਲਾਈ ਲਈ ਕੀਤੇ ਜਾ ਰਹੇ ਕੰਮਾਂ ਨੂੰ ਅੱਗੇ ਵੀ ਜਾਰੀ ਰੱਖਿਆ ਜਾਵੇਗਾ ਅਤੇ ਹਰ ਵਰਗ ਦੇ ਹੱਕਾਂ ਦੀ ਰਾਖੀ ਕੀਤੀ ਜਾਵੇਗੀ। ਉਨ੍ਹਾਂ ਨੇ ਸਾਰਿਆਂ ਦਾ ਧੰਨਵਾਦ ਕੀਤਾ ਅਤੇ ਭਰੋਸਾ ਦਿਵਾਇਆ ਕਿ ਵਿਕਾਸ ਦੇ ਕੰਮਾਂ ਵਿੱਚ ਕੋਈ ਕਮੀ ਨਹੀਂ ਆਉਣ ਦਿੱਤੀ ਜਾਵੇਗੀ।
ਦੇਸ਼ ਦੀ ਰਾਜਨੀਤੀ ਵਿੱਚ ਪ੍ਰਧਾਨ ਮੰਤਰੀ ਮੋਦੀ ਦਾ ਗੂੰਜ ਰਿਹਾ ਹੈ ਪ੍ਰਭਾਵ : ਧੀਮਾਨ
ਆਬਕਾਰੀ ਵਿਭਾਗ ਪੰਜਾਬ ਸਰਕਾਰ ਦਾ ਇੱਕ ਕਮਾਊ ਪੁੱਤ ਹੈ, ਪੈਲੇਸ ਵਾਲਿਆਂ ਨੂੰ ਤੰਗ ਕਰਨਾ ਇਸਦਾ ਪੇਸ਼ਾ ਹੈ-ਸੂਦ
